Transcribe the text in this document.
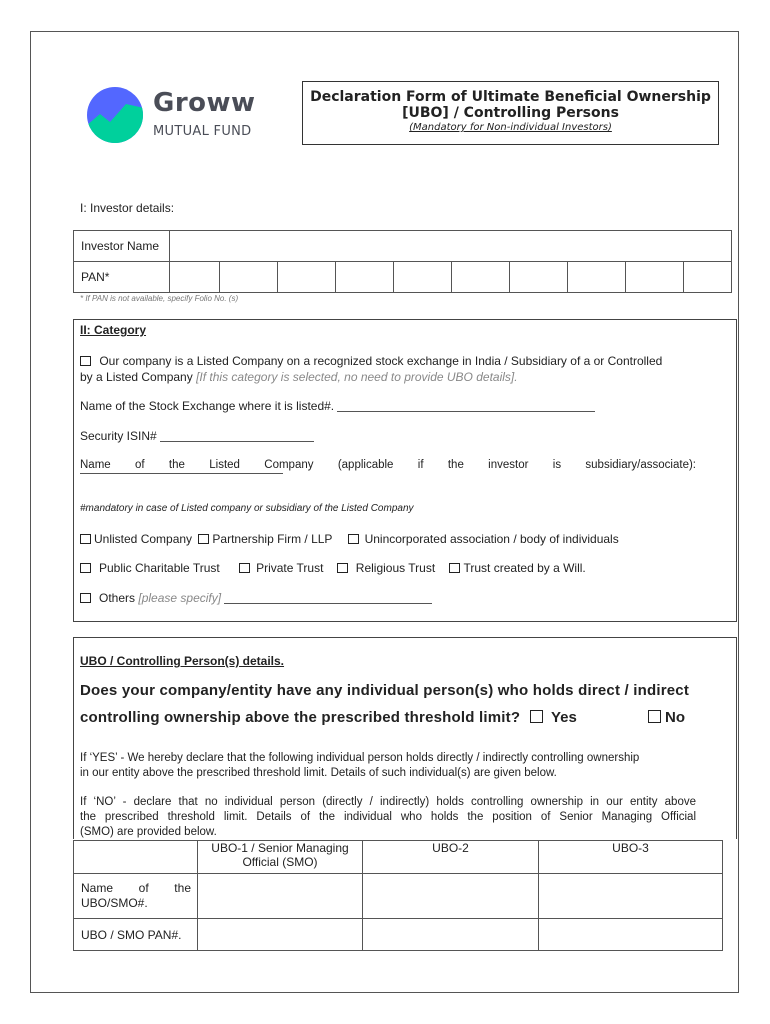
Groww
MUTUAL FUND
Declaration Form of Ultimate Beneficial Ownership
[UBO] / Controlling Persons
(Mandatory for Non-individual Investors)
I: Investor details:
Investor Name										
PAN*										
* If PAN is not available, specify Folio No. (s)
II: Category
Our company is a Listed Company on a recognized stock exchange in India / Subsidiary of a or Controlled
by a Listed Company [If this category is selected, no need to provide UBO details].
Name of the Stock Exchange where it is listed#.
Security ISIN#
Name of the Listed Company (applicable if the investor is subsidiary/associate):
#mandatory in case of Listed company or subsidiary of the Listed Company
Unlisted Company Partnership Firm / LLP	Unincorporated association / body of individuals
Public Charitable Trust	Private Trust	Religious Trust Trust created by a Will.
Others [please specify]
UBO / Controlling Person(s) details.
Does your company/entity have any individual person(s) who holds direct / indirect
controlling ownership above the prescribed threshold limit?	Yes	No
If ‘YES’ - We hereby declare that the following individual person holds directly / indirectly controlling ownership
in our entity above the prescribed threshold limit. Details of such individual(s) are given below.
If ‘NO’ - declare that no individual person (directly / indirectly) holds controlling ownership in our entity above
the prescribed threshold limit. Details of the individual who holds the position of Senior Managing Official
(SMO) are provided below.

	UBO-1 / Senior Managing
Official (SMO)	UBO-2	UBO-3

Name of the
UBO/SMO#.			

UBO / SMO PAN#.			
